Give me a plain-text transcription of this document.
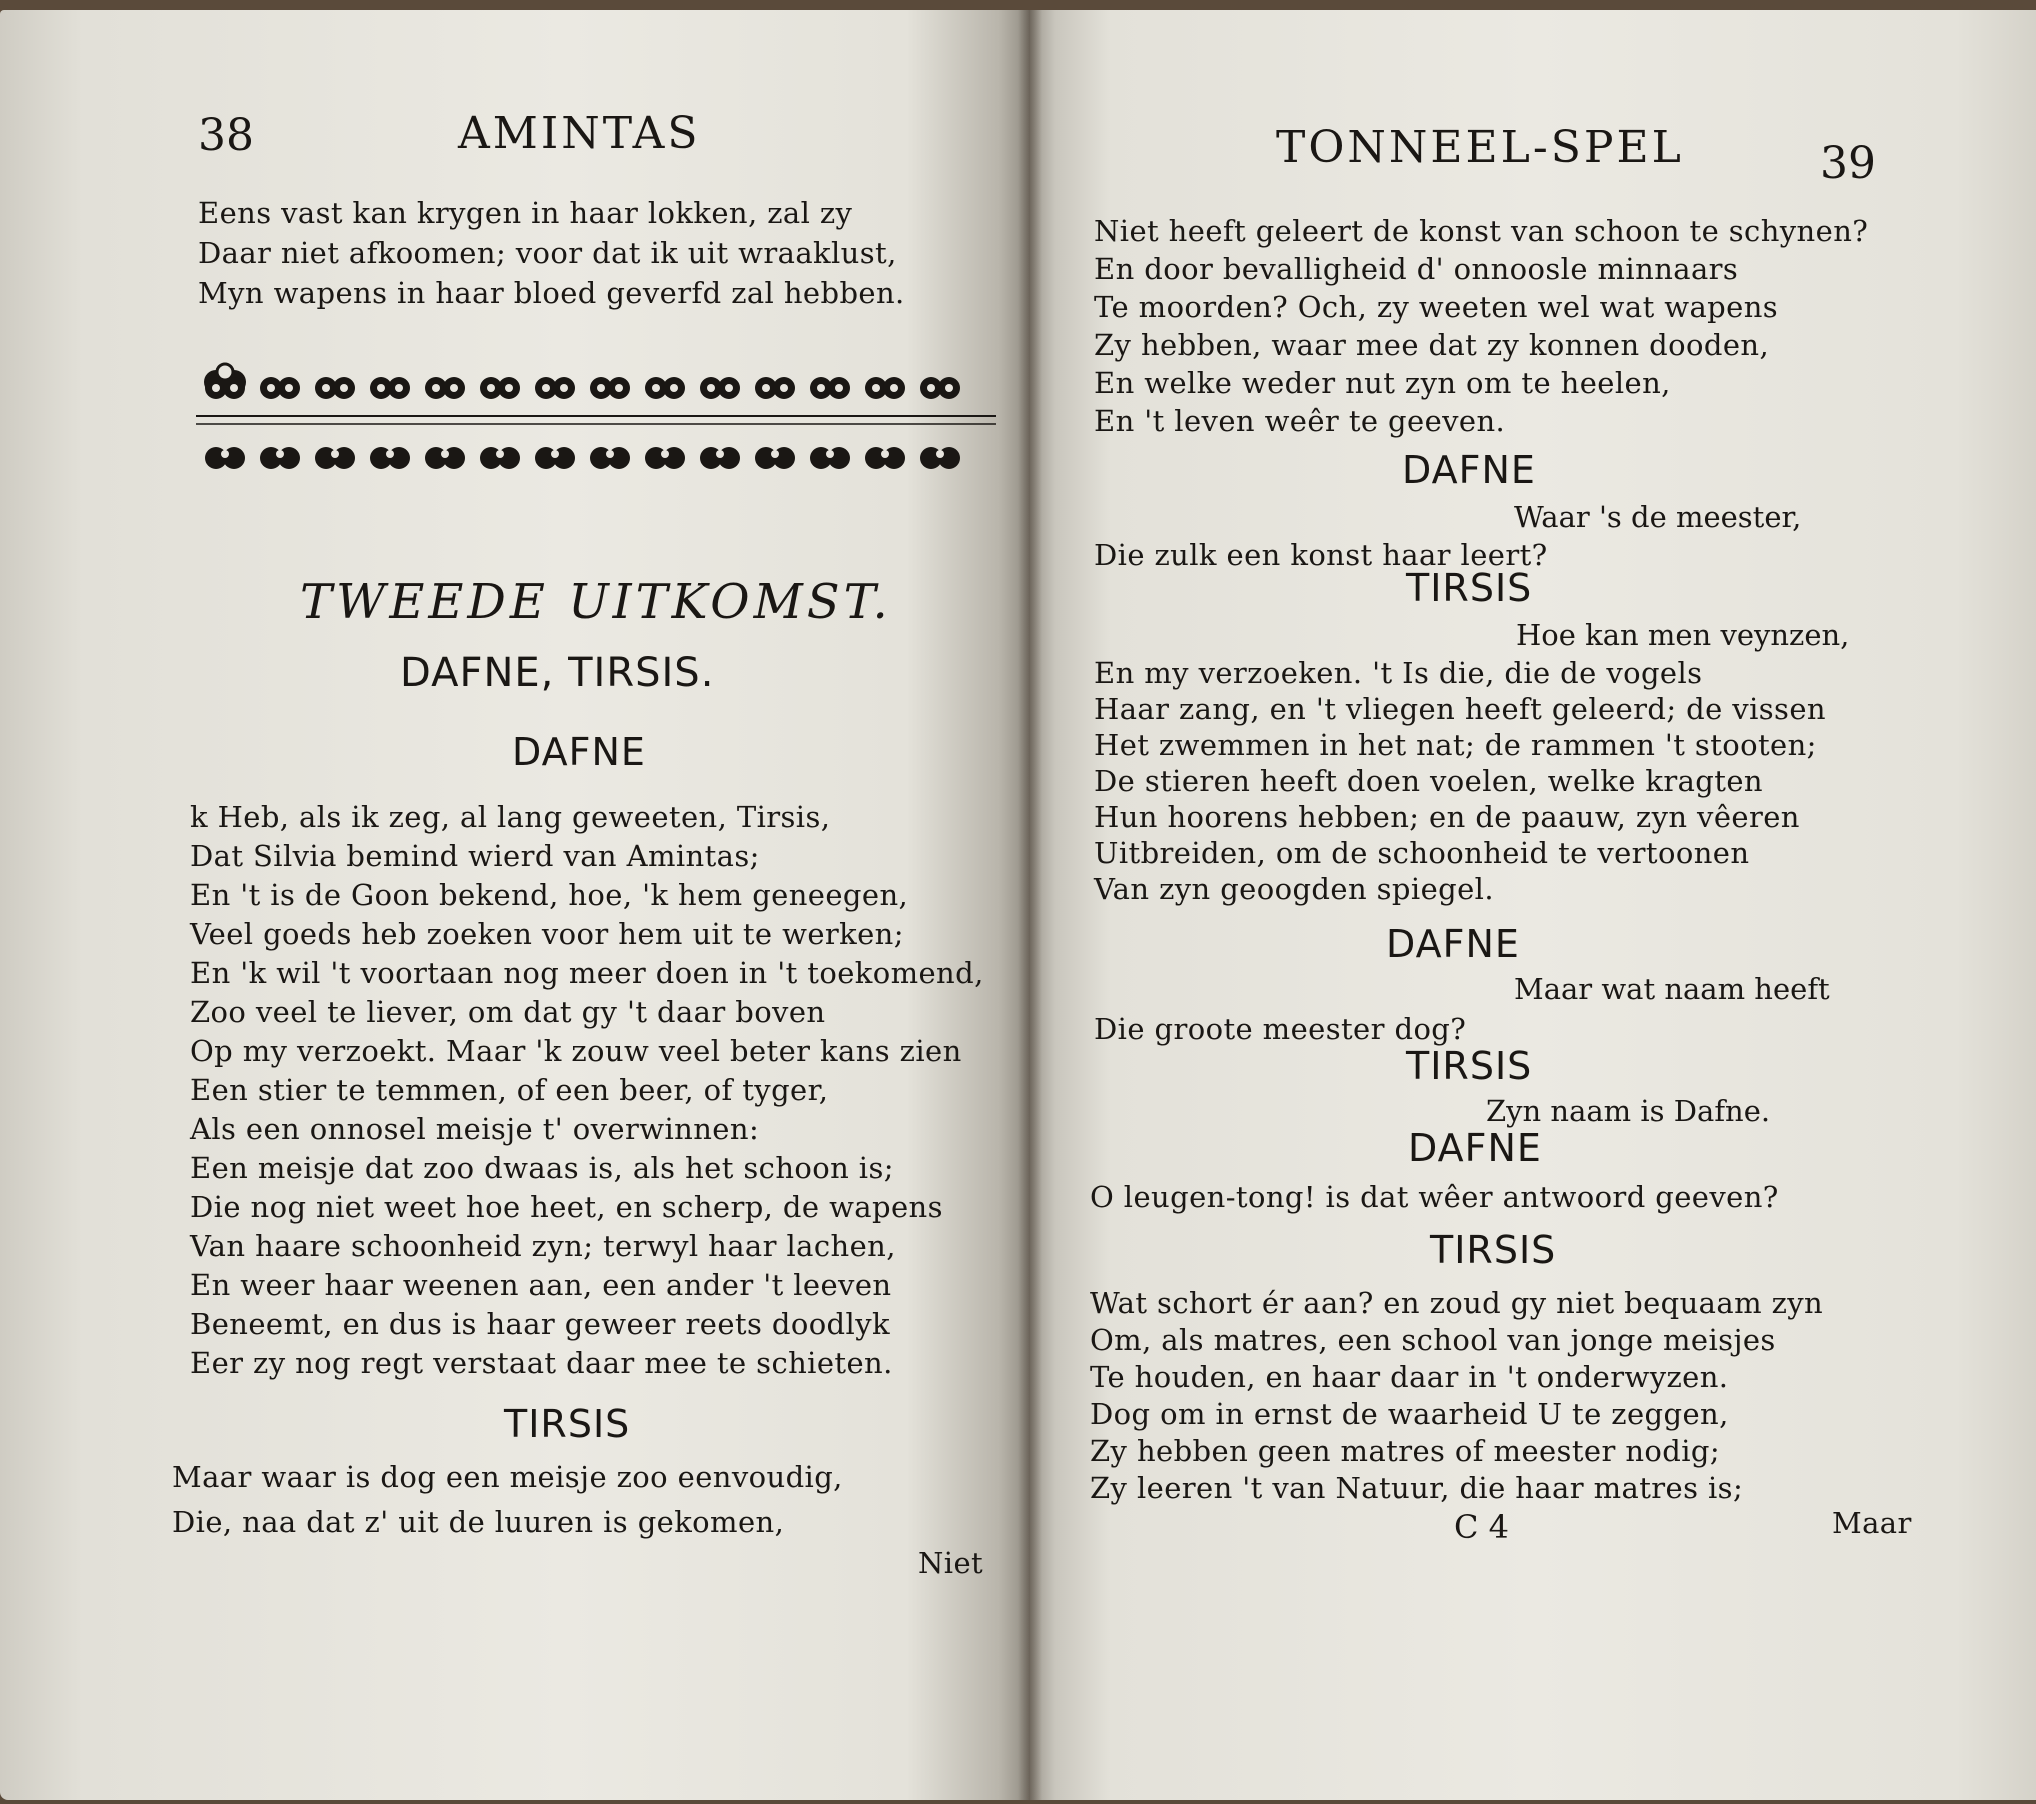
38	AMINTAS
Eens vast kan krygen in haar lokken, zal zy
Daar niet afkoomen; voor dat ik uit wraaklust,
Myn wapens in haar bloed geverfd zal hebben.
TWEEDE UITKOMST.
DAFNE, TIRSIS.
DAFNE
k Heb, als ik zeg, al lang geweeten, Tirsis,
Dat Silvia bemind wierd van Amintas;
En 't is de Goon bekend, hoe, 'k hem geneegen,
Veel goeds heb zoeken voor hem uit te werken;
En 'k wil 't voortaan nog meer doen in 't toekomend,
Zoo veel te liever, om dat gy 't daar boven
Op my verzoekt. Maar 'k zouw veel beter kans zien
Een stier te temmen, of een beer, of tyger,
Als een onnosel meisje t' overwinnen:
Een meisje dat zoo dwaas is, als het schoon is;
Die nog niet weet hoe heet, en scherp, de wapens
Van haare schoonheid zyn; terwyl haar lachen,
En weer haar weenen aan, een ander 't leeven
Beneemt, en dus is haar geweer reets doodlyk
Eer zy nog regt verstaat daar mee te schieten.
TIRSIS
Maar waar is dog een meisje zoo eenvoudig,
Die, naa dat z' uit de luuren is gekomen,
Niet
TONNEEL-SPEL	39
Niet heeft geleert de konst van schoon te schynen?
En door bevalligheid d' onnoosle minnaars
Te moorden? Och, zy weeten wel wat wapens
Zy hebben, waar mee dat zy konnen dooden,
En welke weder nut zyn om te heelen,
En 't leven weêr te geeven.
DAFNE
Waar 's de meester,
Die zulk een konst haar leert?
TIRSIS
Hoe kan men veynzen,
En my verzoeken. 't Is die, die de vogels
Haar zang, en 't vliegen heeft geleerd; de vissen
Het zwemmen in het nat; de rammen 't stooten;
De stieren heeft doen voelen, welke kragten
Hun hoorens hebben; en de paauw, zyn vêeren
Uitbreiden, om de schoonheid te vertoonen
Van zyn geoogden spiegel.
DAFNE
Maar wat naam heeft
Die groote meester dog?
TIRSIS
Zyn naam is Dafne.
DAFNE
O leugen-tong! is dat wêer antwoord geeven?
TIRSIS
Wat schort ér aan? en zoud gy niet bequaam zyn
Om, als matres, een school van jonge meisjes
Te houden, en haar daar in 't onderwyzen.
Dog om in ernst de waarheid U te zeggen,
Zy hebben geen matres of meester nodig;
Zy leeren 't van Natuur, die haar matres is;
C 4	Maar
